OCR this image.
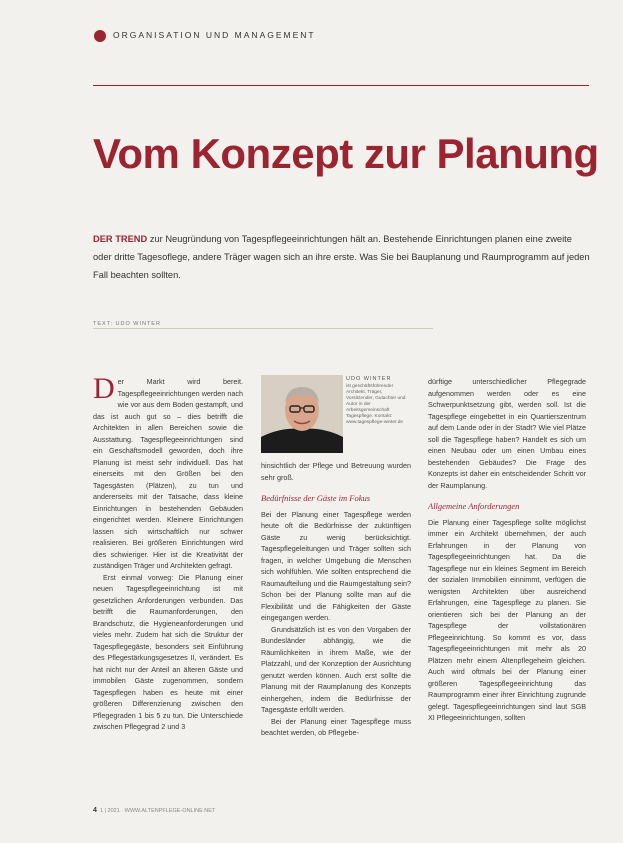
ORGANISATION UND MANAGEMENT
Vom Konzept zur Planung
DER TREND zur Neugründung von Tagespflegeeinrichtungen hält an. Bestehende Einrichtungen planen eine zweite oder dritte Tagesoflege, andere Träger wagen sich an ihre erste. Was Sie bei Bauplanung und Raumprogramm auf jeden Fall beachten sollten.
TEXT: UDO WINTER

Der Markt wird bereit. Tagespflegeeinrichtungen werden nach wie vor aus dem Boden gestampft, und das ist auch gut so – dies betrifft die Architekten in allen Bereichen sowie die Ausstattung. Tagespflegeeinrichtungen sind ein Geschäftsmodell geworden, doch ihre Planung ist meist sehr individuell. Das hat einerseits mit den Größen bei den Tagesgästen (Plätzen), zu tun und andererseits mit der Tatsache, dass kleine Einrichtungen in bestehenden Gebäuden eingerichtet werden. Kleinere Einrichtungen lassen sich wirtschaftlich nur schwer realisieren. Bei größeren Einrichtungen wird dies schwieriger. Hier ist die Kreativität der zuständigen Träger und Architekten gefragt.

Erst einmal vorweg: Die Planung einer neuen Tagespflegeeinrichtung ist mit gesetzlichen Anforderungen verbunden. Das betrifft die Raumanforderungen, den Brandschutz, die Hygieneanforderungen und vieles mehr. Zudem hat sich die Struktur der Tagespflegegäste, besonders seit Einführung des Pflegestärkungsgesetzes II, verändert. Es hat nicht nur der Anteil an älteren Gäste und immobilen Gäste zugenommen, sondern Tagespflegen haben es heute mit einer größeren Differenzierung zwischen den Pflegegraden 1 bis 5 zu tun. Die Unterschiede zwischen Pflegegrad 2 und 3

UDO WINTER
ist geschäftsführender Architekt, Träger, Vorsitzender, Gutachter und Autor in der Arbeitsgemeinschaft Tagespflege. Kontakt: www.tagespflege-winter.de

hinsichtlich der Pflege und Betreuung wurden sehr groß.

Bedürfnisse der Gäste im Fokus

Bei der Planung einer Tagespflege werden heute oft die Bedürfnisse der zukünftigen Gäste zu wenig berücksichtigt. Tagespflegeleitungen und Träger sollten sich fragen, in welcher Umgebung die Menschen sich wohlfühlen. Wie sollten entsprechend die Raumaufteilung und die Raumgestaltung sein? Schon bei der Planung sollte man auf die Flexibilität und die Fähigkeiten der Gäste eingegangen werden.

Grundsätzlich ist es von den Vorgaben der Bundesländer abhängig, wie die Räumlichkeiten in ihrem Maße, wie der Platzzahl, und der Konzeption der Ausrichtung genutzt werden können. Auch erst sollte die Planung mit der Raumplanung des Konzepts einhergehen, indem die Bedürfnisse der Tagesgäste erfüllt werden.

Bei der Planung einer Tagespflege muss beachtet werden, ob Pflegebe-

dürftige unterschiedlicher Pflegegrade aufgenommen werden oder es eine Schwerpunktsetzung gibt, werden soll. Ist die Tagespflege eingebettet in ein Quartierszentrum auf dem Lande oder in der Stadt? Wie viel Plätze soll die Tagespflege haben? Handelt es sich um einen Neubau oder um einen Umbau eines bestehenden Gebäudes? Die Frage des Konzepts ist daher ein entscheidender Schritt vor der Raumplanung.

Allgemeine Anforderungen

Die Planung einer Tagespflege sollte möglichst immer ein Architekt übernehmen, der auch Erfahrungen in der Planung von Tagespflegeeinrichtungen hat. Da die Tagespflege nur ein kleines Segment im Bereich der sozialen Immobilien einnimmt, verfügen die wenigsten Architekten über ausreichend Erfahrungen, eine Tagespflege zu planen. Sie orientieren sich bei der Planung an der Tagespflege der vollstationären Pflegeeinrichtung. So kommt es vor, dass Tagespflegeeinrichtungen mit mehr als 20 Plätzen mehr einem Altenpflegeheim gleichen. Auch wird oftmals bei der Planung einer größeren Tagespflegeeinrichtung das Raumprogramm einer ihrer Einrichtung zugrunde gelegt. Tagespflegeeinrichtungen sind laut SGB XI Pflegeeinrichtungen, sollten

4 1 | 2021 · WWW.ALTENPFLEGE-ONLINE.NET
